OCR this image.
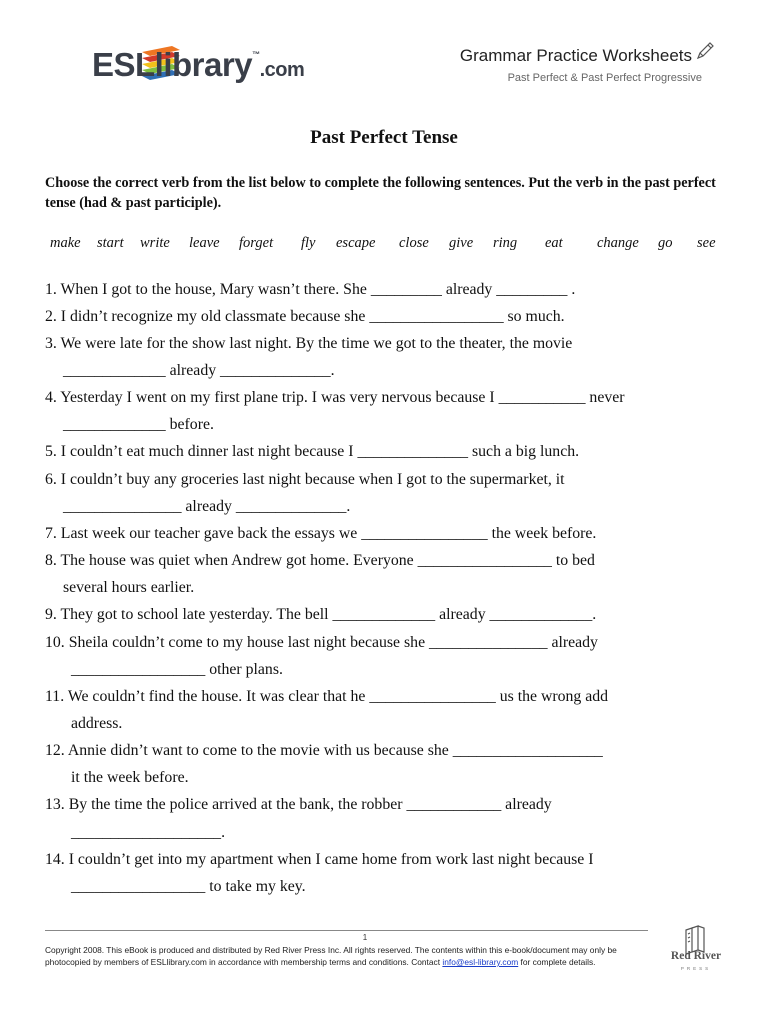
ESLlibrary™.com
Grammar Practice Worksheets
Past Perfect & Past Perfect Progressive
Past Perfect Tense
Choose the correct verb from the list below to complete the following sentences. Put the verb in the past perfect tense (had & past participle).
make start write leave forget fly escape close give ring eat change go see
1. When I got to the house, Mary wasn’t there. She _________ already _________ .
2. I didn’t recognize my old classmate because she _________________ so much.
3. We were late for the show last night. By the time we got to the theater, the movie
_____________ already ______________.
4. Yesterday I went on my first plane trip. I was very nervous because I ___________ never
_____________ before.
5. I couldn’t eat much dinner last night because I ______________ such a big lunch.
6. I couldn’t buy any groceries last night because when I got to the supermarket, it
_______________ already ______________.
7. Last week our teacher gave back the essays we ________________ the week before.
8. The house was quiet when Andrew got home. Everyone _________________ to bed
several hours earlier.
9. They got to school late yesterday. The bell _____________ already _____________.
10. Sheila couldn’t come to my house last night because she _______________ already
_________________ other plans.
11. We couldn’t find the house. It was clear that he ________________ us the wrong add
address.
12. Annie didn’t want to come to the movie with us because she ___________________
it the week before.
13. By the time the police arrived at the bank, the robber ____________ already
___________________.
14. I couldn’t get into my apartment when I came home from work last night because I
_________________ to take my key.
1
Copyright 2008. This eBook is produced and distributed by Red River Press Inc. All rights reserved. The contents within this e-book/document may only be
photocopied by members of ESLlibrary.com in accordance with membership terms and conditions. Contact info@esl-library.com for complete details.	Red River
PRESS
